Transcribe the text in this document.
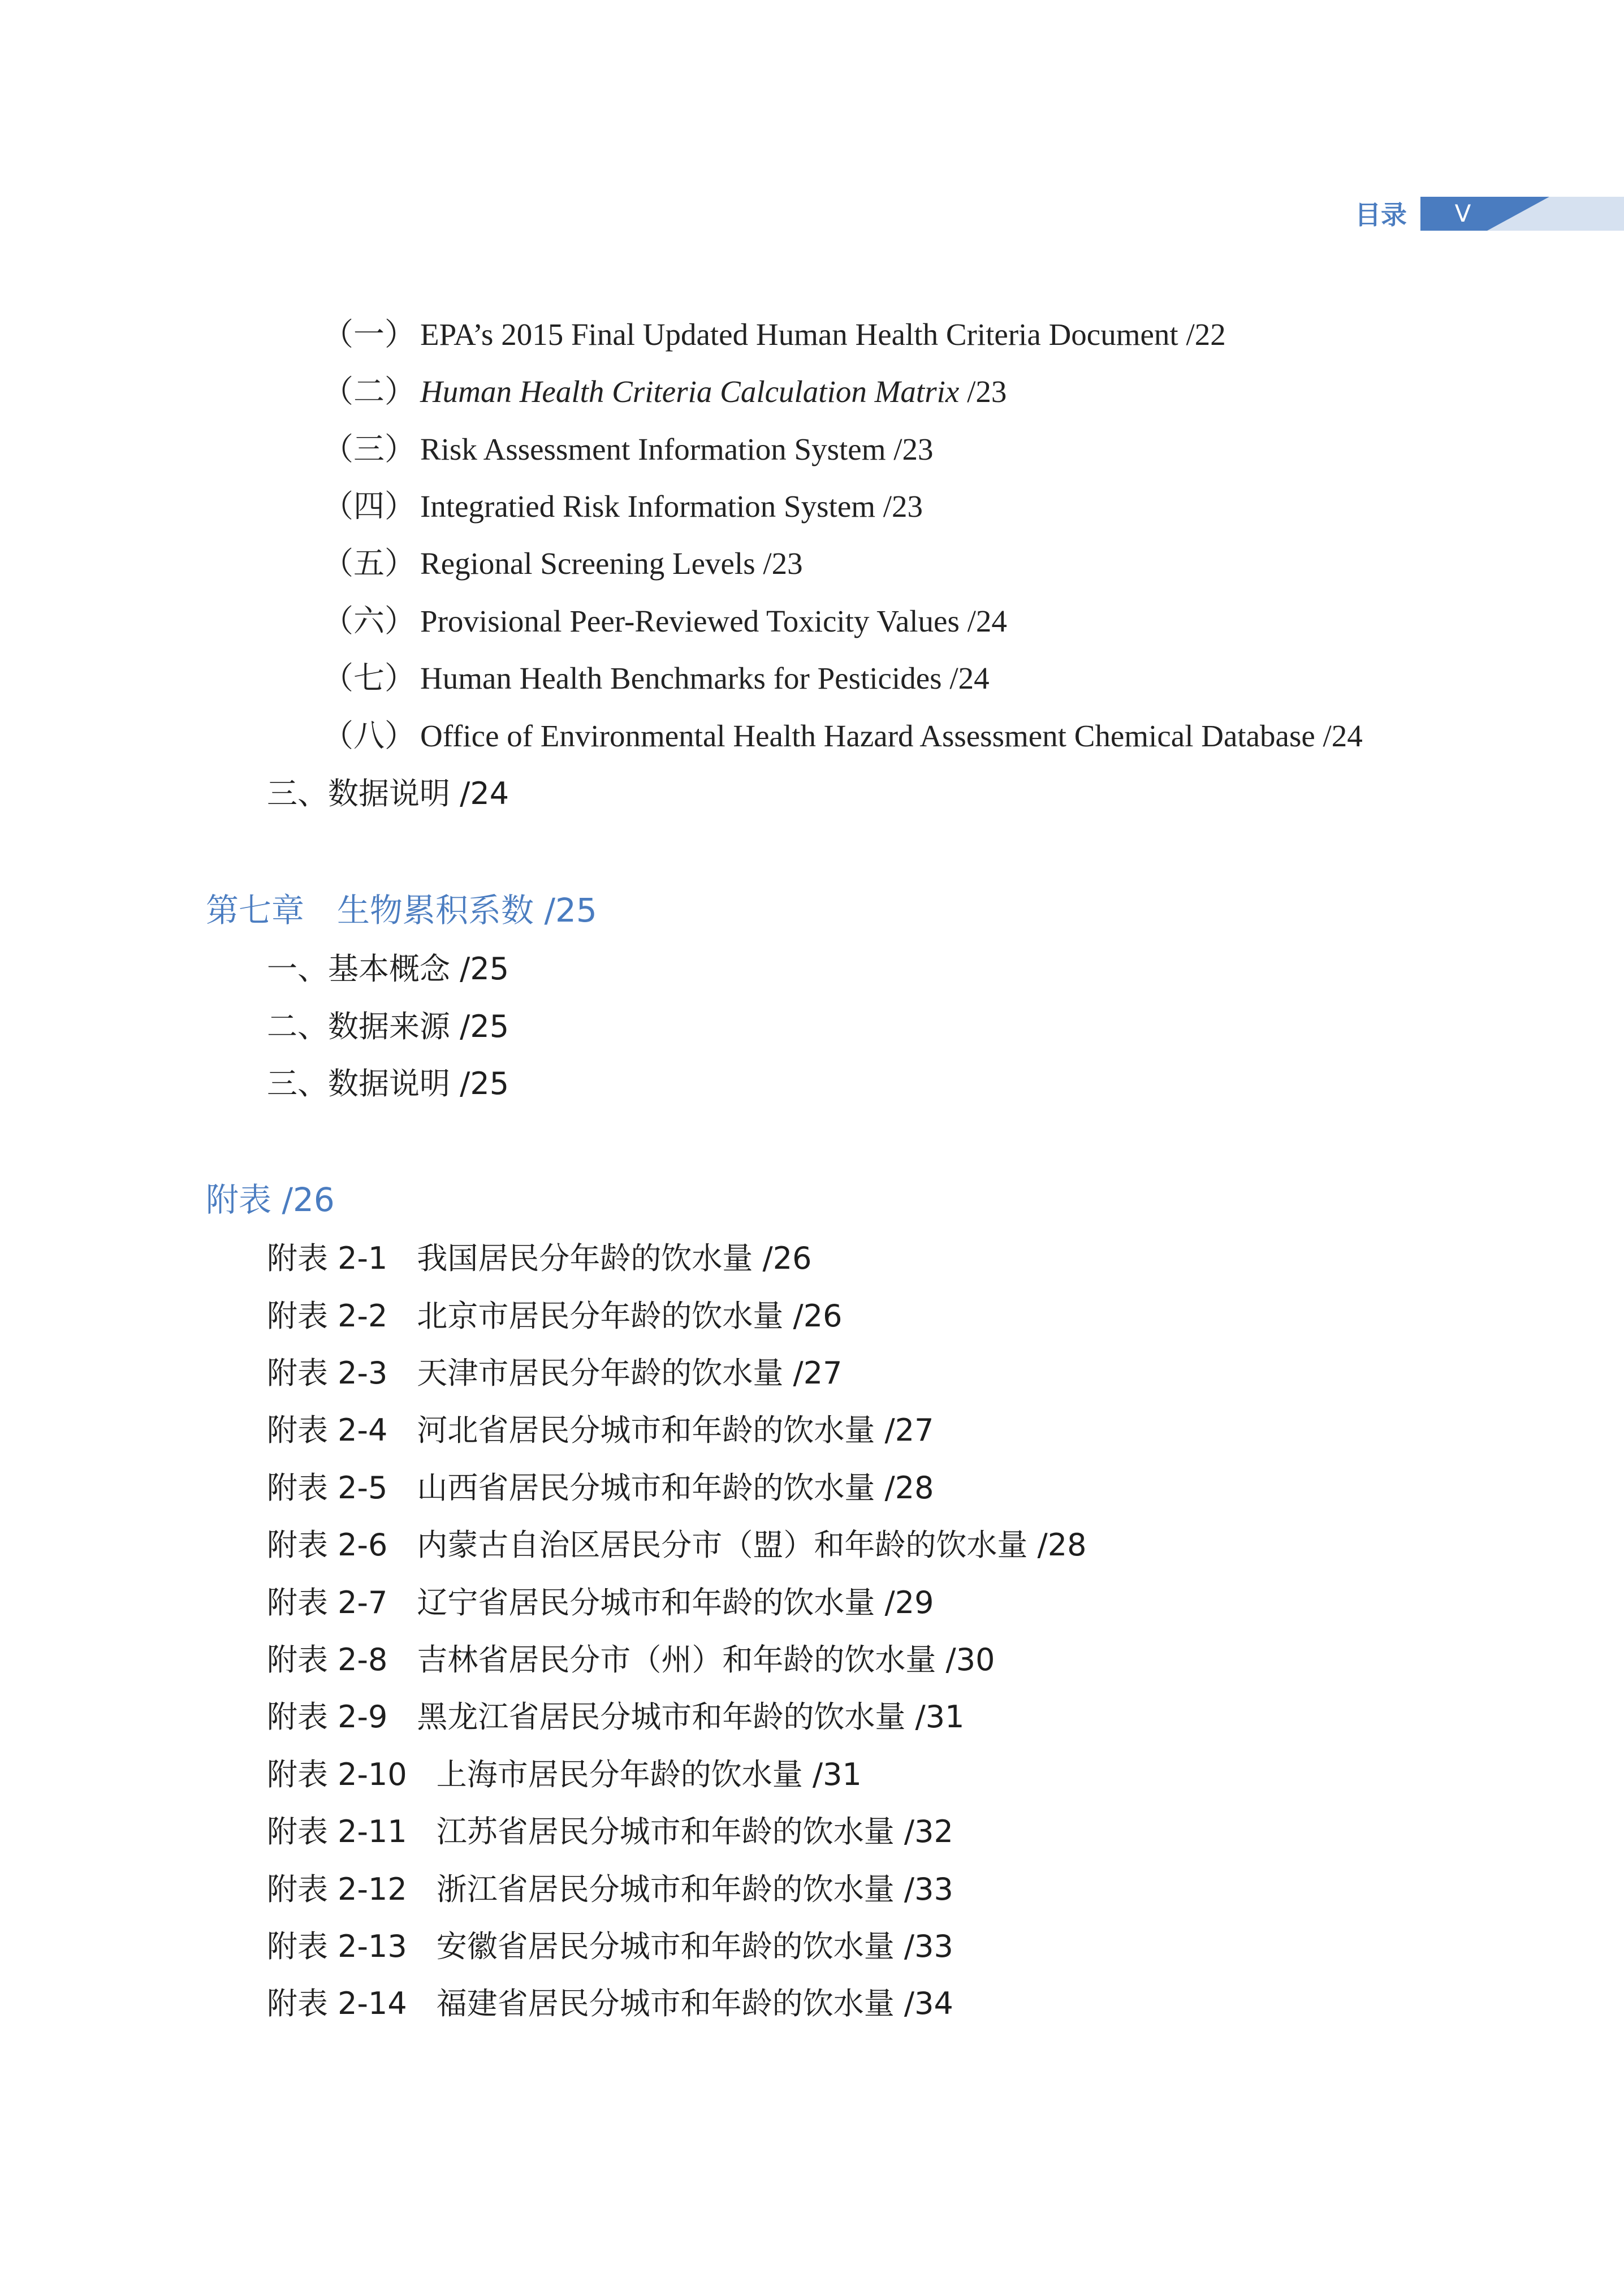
目录	V
（一） EPA’s 2015 Final Updated Human Health Criteria Document /22
（二） Human Health Criteria Calculation Matrix /23
（三） Risk Assessment Information System /23
（四） Integratied Risk Information System /23
（五） Regional Screening Levels /23
（六） Provisional Peer-Reviewed Toxicity Values /24
（七） Human Health Benchmarks for Pesticides /24
（八） Office of Environmental Health Hazard Assessment Chemical Database /24
三、数据说明 /24
第七章 生物累积系数 /25
一、基本概念 /25
二、数据来源 /25
三、数据说明 /25
附表 /26
附表 2-1 我国居民分年龄的饮水量 /26
附表 2-2 北京市居民分年龄的饮水量 /26
附表 2-3 天津市居民分年龄的饮水量 /27
附表 2-4 河北省居民分城市和年龄的饮水量 /27
附表 2-5 山西省居民分城市和年龄的饮水量 /28
附表 2-6 内蒙古自治区居民分市（盟）和年龄的饮水量 /28
附表 2-7 辽宁省居民分城市和年龄的饮水量 /29
附表 2-8 吉林省居民分市（州）和年龄的饮水量 /30
附表 2-9 黑龙江省居民分城市和年龄的饮水量 /31
附表 2-10 上海市居民分年龄的饮水量 /31
附表 2-11 江苏省居民分城市和年龄的饮水量 /32
附表 2-12 浙江省居民分城市和年龄的饮水量 /33
附表 2-13 安徽省居民分城市和年龄的饮水量 /33
附表 2-14 福建省居民分城市和年龄的饮水量 /34
